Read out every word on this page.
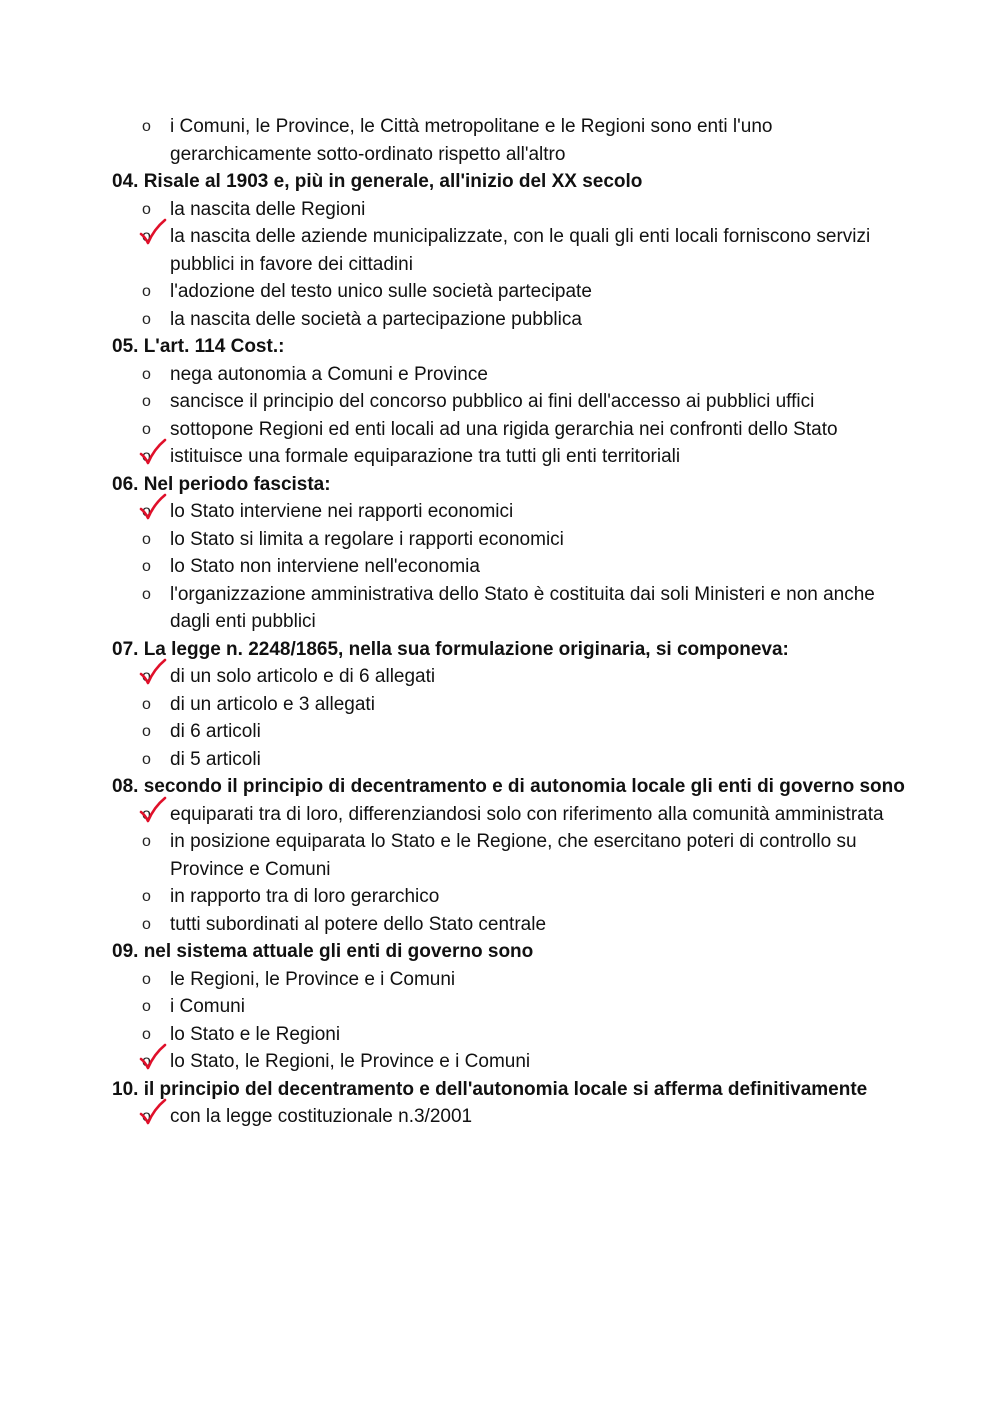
o i Comuni, le Province, le Città metropolitane e le Regioni sono enti l'uno gerarchicamente sotto-ordinato rispetto all'altro
04. Risale al 1903 e, più in generale, all'inizio del XX secolo
o la nascita delle Regioni
o la nascita delle aziende municipalizzate, con le quali gli enti locali forniscono servizi pubblici in favore dei cittadini
o l'adozione del testo unico sulle società partecipate
o la nascita delle società a partecipazione pubblica
05. L'art. 114 Cost.:
o nega autonomia a Comuni e Province
o sancisce il principio del concorso pubblico ai fini dell'accesso ai pubblici uffici
o sottopone Regioni ed enti locali ad una rigida gerarchia nei confronti dello Stato
o istituisce una formale equiparazione tra tutti gli enti territoriali
06. Nel periodo fascista:
o lo Stato interviene nei rapporti economici
o lo Stato si limita a regolare i rapporti economici
o lo Stato non interviene nell'economia
o l'organizzazione amministrativa dello Stato è costituita dai soli Ministeri e non anche dagli enti pubblici
07. La legge n. 2248/1865, nella sua formulazione originaria, si componeva:
o di un solo articolo e di 6 allegati
o di un articolo e 3 allegati
o di 6 articoli
o di 5 articoli
08. secondo il principio di decentramento e di autonomia locale gli enti di governo sono
o equiparati tra di loro, differenziandosi solo con riferimento alla comunità amministrata
o in posizione equiparata lo Stato e le Regione, che esercitano poteri di controllo su Province e Comuni
o in rapporto tra di loro gerarchico
o tutti subordinati al potere dello Stato centrale
09. nel sistema attuale gli enti di governo sono
o le Regioni, le Province e i Comuni
o i Comuni
o lo Stato e le Regioni
o lo Stato, le Regioni, le Province e i Comuni
10. il principio del decentramento e dell'autonomia locale si afferma definitivamente
o con la legge costituzionale n.3/2001
